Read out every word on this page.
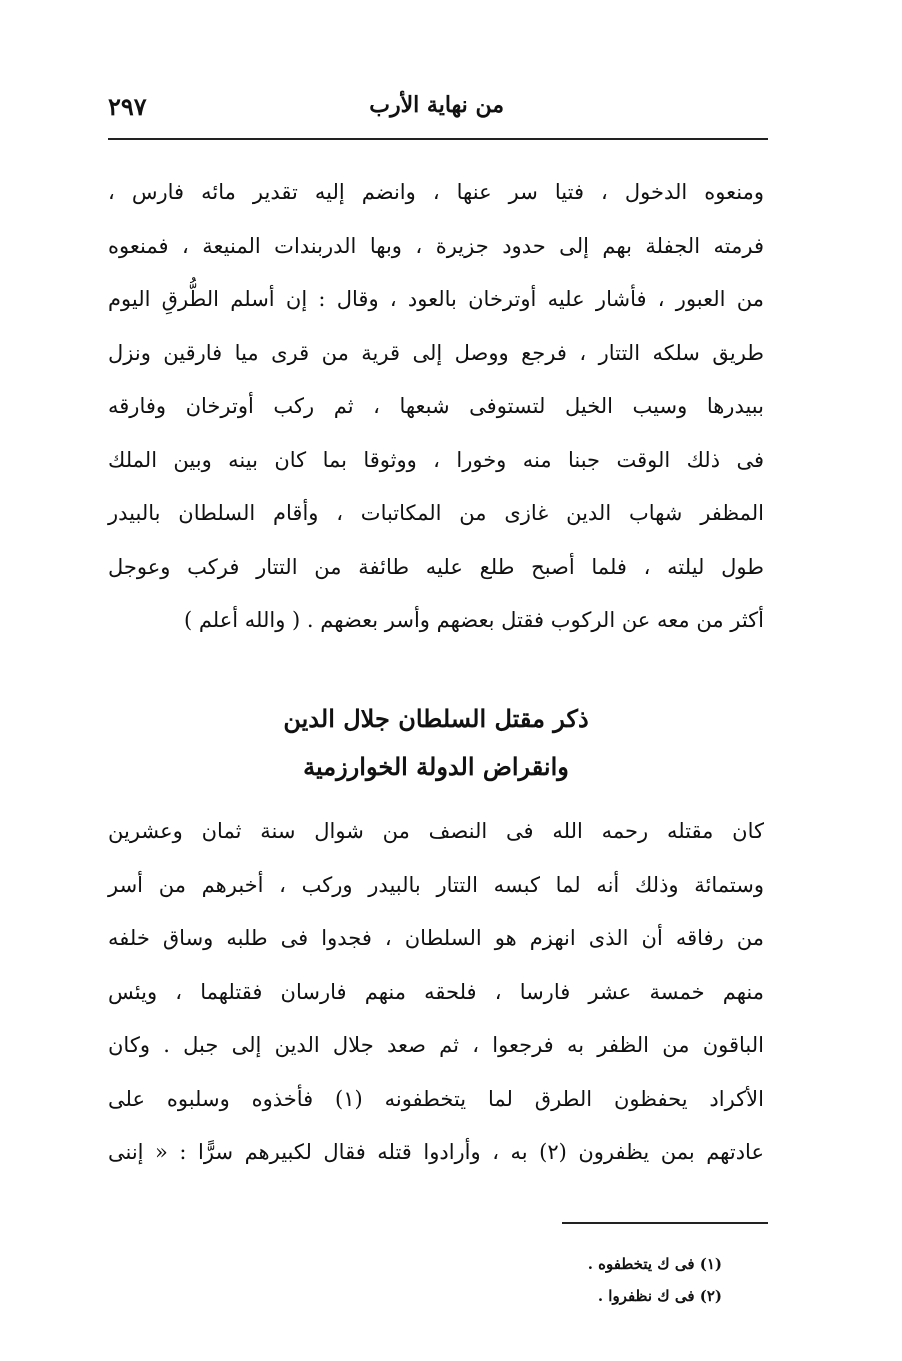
من نهاية الأرب
٢٩٧
ومنعوه الدخول ، فتيا سر عنها ، وانضم إليه تقدير مائه فارس ،
فرمته الجفلة بهم إلى حدود جزيرة ، وبها الدربندات المنيعة ، فمنعوه
من العبور ، فأشار عليه أوترخان بالعود ، وقال : إن أسلم الطُّرقِ اليوم
طريق سلكه التتار ، فرجع ووصل إلى قرية من قرى ميا فارقين ونزل
ببيدرها وسيب الخيل لتستوفى شبعها ، ثم ركب أوترخان وفارقه
فى ذلك الوقت جبنا منه وخورا ، ووثوقا بما كان بينه وبين الملك
المظفر شهاب الدين غازى من المكاتبات ، وأقام السلطان بالبيدر
طول ليلته ، فلما أصبح طلع عليه طائفة من التتار فركب وعوجل
أكثر من معه عن الركوب فقتل بعضهم وأسر بعضهم . ( والله أعلم )
ذكر مقتل السلطان جلال الدين
وانقراض الدولة الخوارزمية
كان مقتله رحمه الله فى النصف من شوال سنة ثمان وعشرين
وستمائة وذلك أنه لما كبسه التتار بالبيدر وركب ، أخبرهم من أسر
من رفاقه أن الذى انهزم هو السلطان ، فجدوا فى طلبه وساق خلفه
منهم خمسة عشر فارسا ، فلحقه منهم فارسان فقتلهما ، ويئس
الباقون من الظفر به فرجعوا ، ثم صعد جلال الدين إلى جبل . وكان
الأكراد يحفظون الطرق لما يتخطفونه (١) فأخذوه وسلبوه على
عادتهم بمن يظفرون (٢) به ، وأرادوا قتله فقال لكبيرهم سرًّا : « إننى
(١) فى ك يتخطفوه .
(٢) فى ك نظفروا .
